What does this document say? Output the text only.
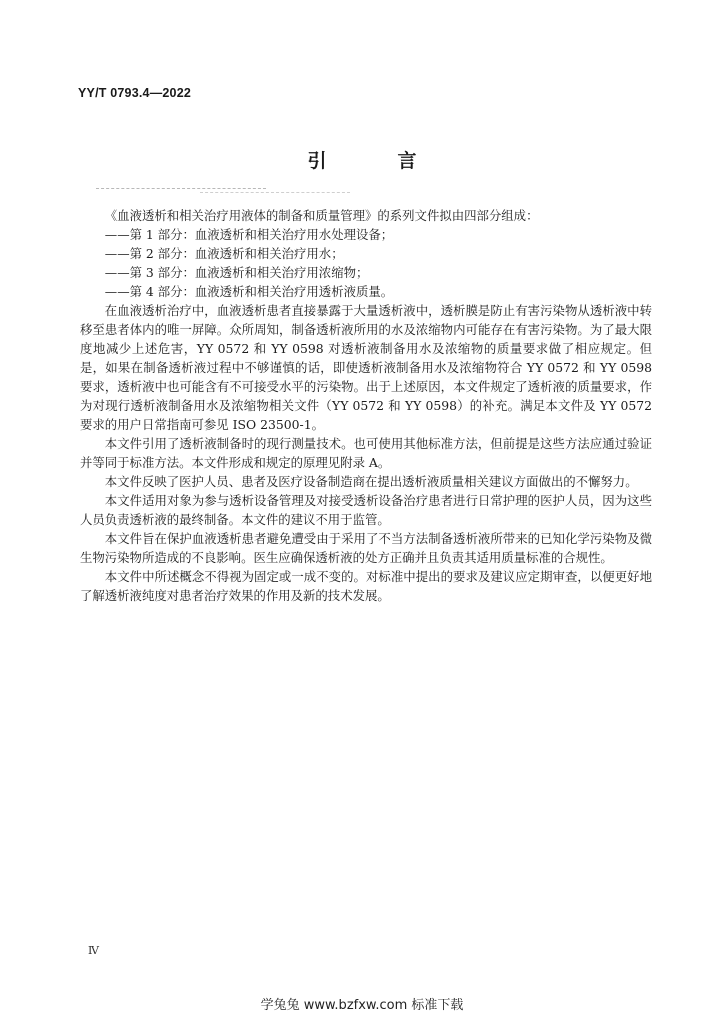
YY/T 0793.4—2022
引　言

《血液透析和相关治疗用液体的制备和质量管理》的系列文件拟由四部分组成：

——第 1 部分：血液透析和相关治疗用水处理设备；

——第 2 部分：血液透析和相关治疗用水；

——第 3 部分：血液透析和相关治疗用浓缩物；

——第 4 部分：血液透析和相关治疗用透析液质量。

在血液透析治疗中，血液透析患者直接暴露于大量透析液中，透析膜是防止有害污染物从透析液中转移至患者体内的唯一屏障。众所周知，制备透析液所用的水及浓缩物内可能存在有害污染物。为了最大限度地减少上述危害，YY 0572 和 YY 0598 对透析液制备用水及浓缩物的质量要求做了相应规定。但是，如果在制备透析液过程中不够谨慎的话，即使透析液制备用水及浓缩物符合 YY 0572 和 YY 0598 要求，透析液中也可能含有不可接受水平的污染物。出于上述原因，本文件规定了透析液的质量要求，作为对现行透析液制备用水及浓缩物相关文件（YY 0572 和 YY 0598）的补充。满足本文件及 YY 0572 要求的用户日常指南可参见 ISO 23500-1。

本文件引用了透析液制备时的现行测量技术。也可使用其他标准方法，但前提是这些方法应通过验证并等同于标准方法。本文件形成和规定的原理见附录 A。

本文件反映了医护人员、患者及医疗设备制造商在提出透析液质量相关建议方面做出的不懈努力。

本文件适用对象为参与透析设备管理及对接受透析设备治疗患者进行日常护理的医护人员，因为这些人员负责透析液的最终制备。本文件的建议不用于监管。

本文件旨在保护血液透析患者避免遭受由于采用了不当方法制备透析液所带来的已知化学污染物及微生物污染物所造成的不良影响。医生应确保透析液的处方正确并且负责其适用质量标准的合规性。

本文件中所述概念不得视为固定或一成不变的。对标准中提出的要求及建议应定期审查，以便更好地了解透析液纯度对患者治疗效果的作用及新的技术发展。

Ⅳ
学兔兔 www.bzfxw.com 标准下载
